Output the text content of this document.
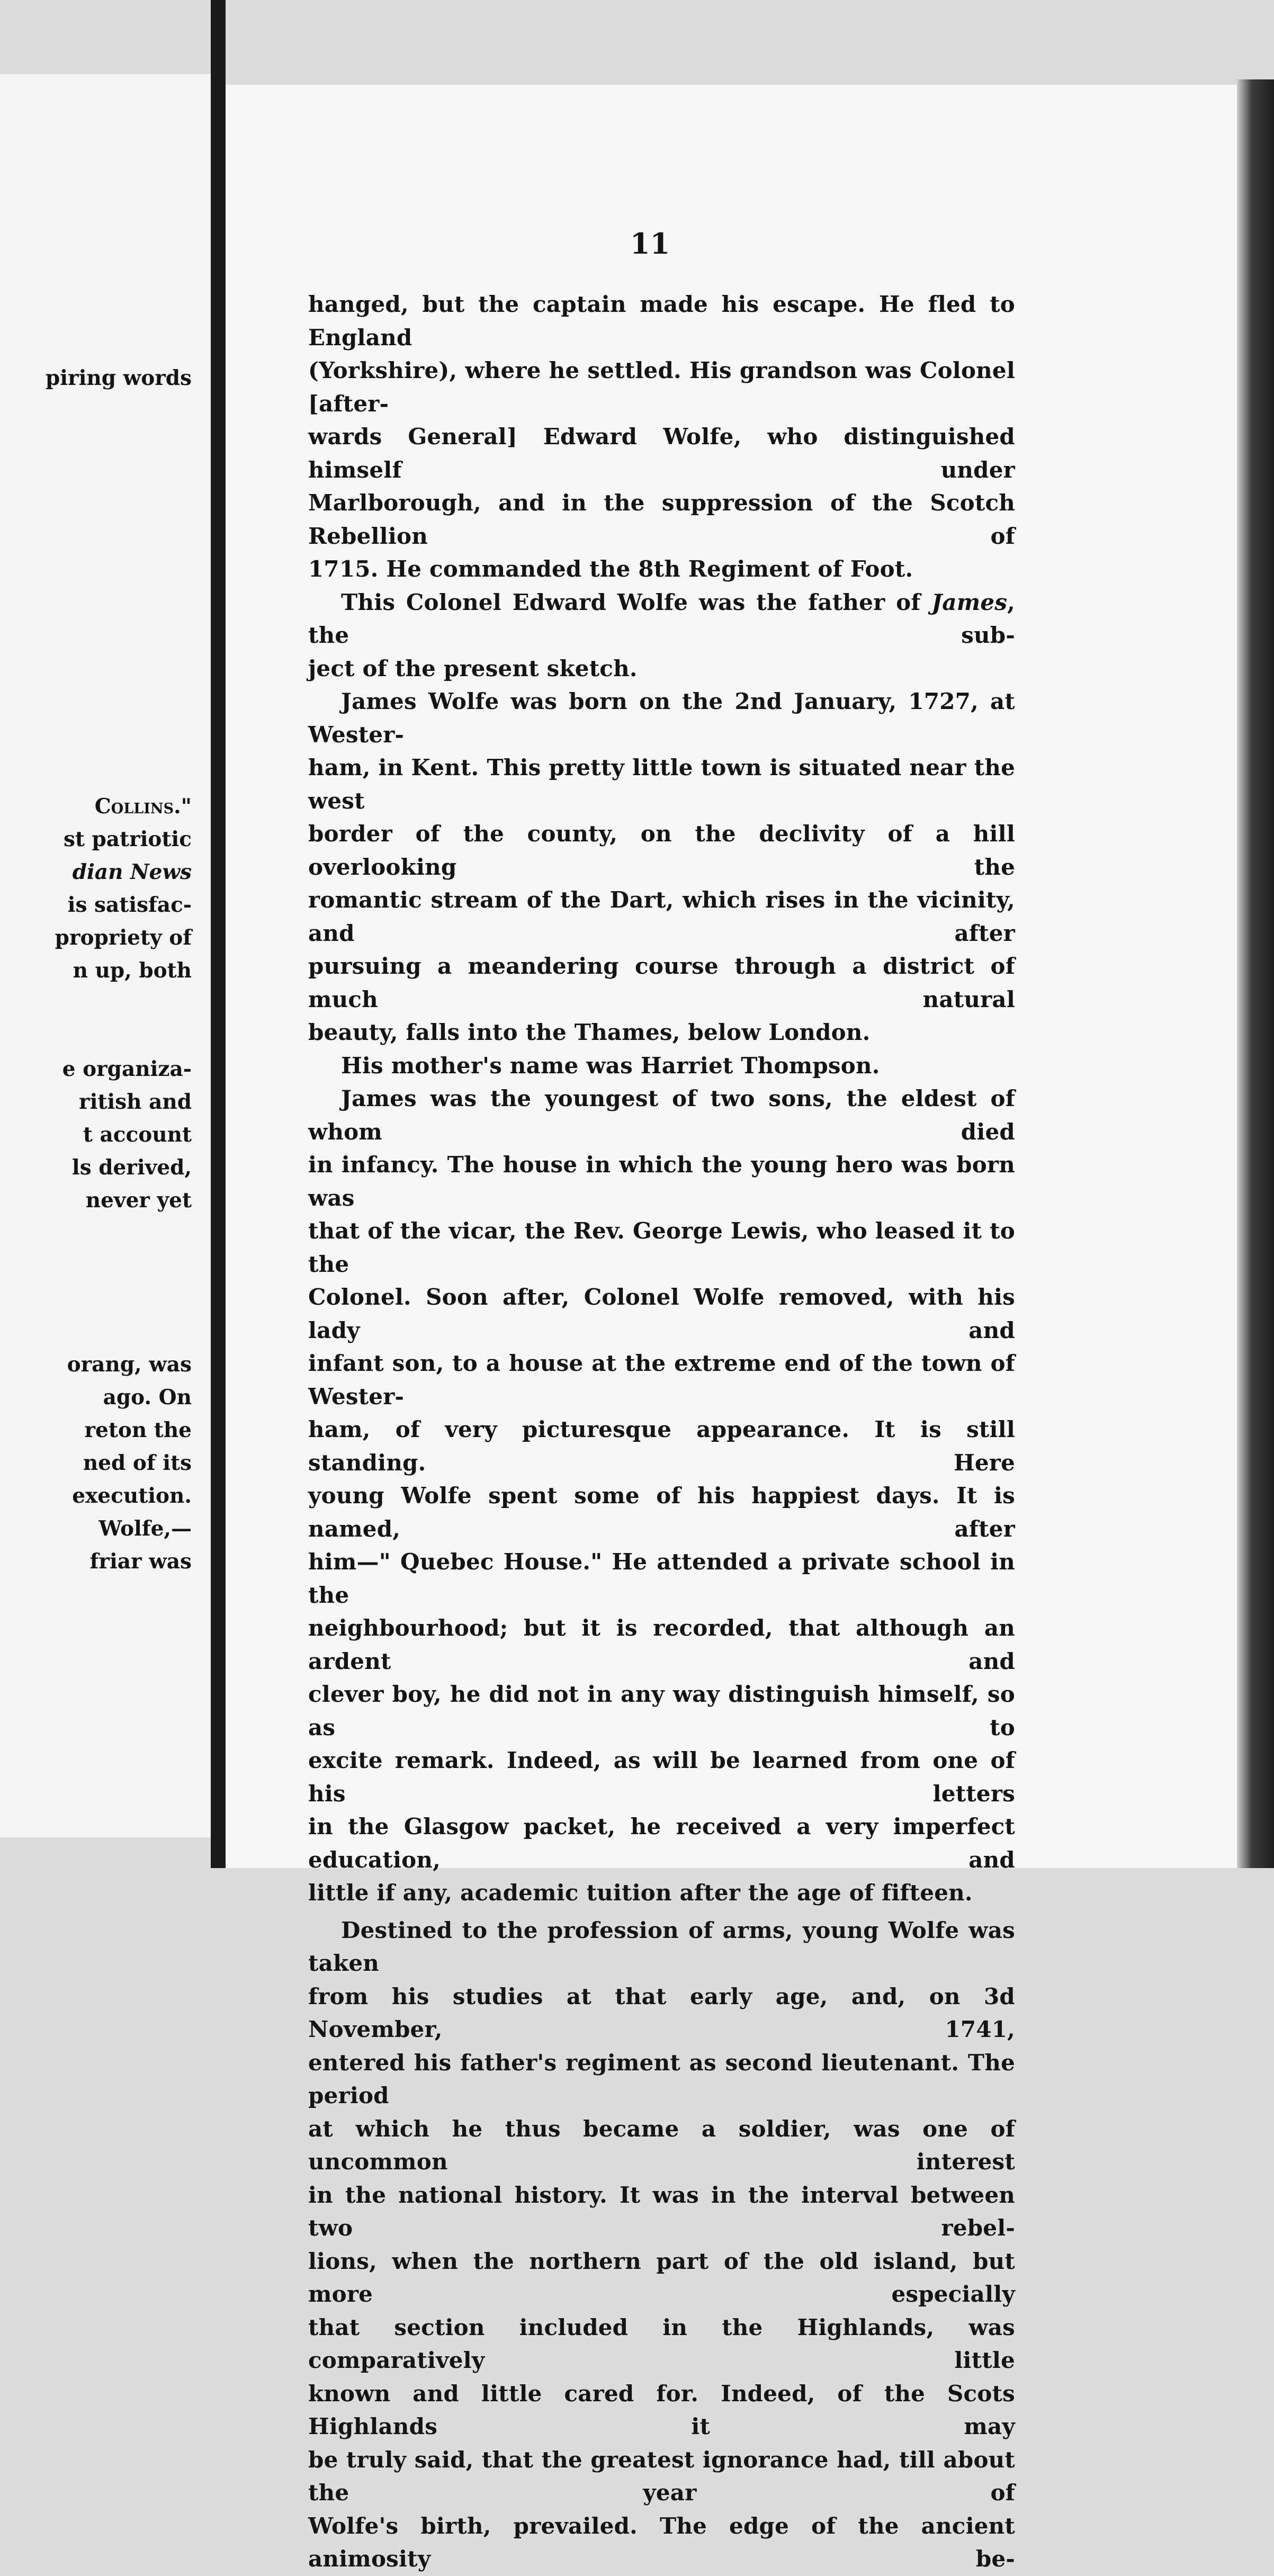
piring words
Collins."
st patriotic
dian News
is satisfac-
propriety of
n up, both
e organiza-
ritish and
t account
ls derived,
never yet
orang, was
ago. On
reton the
ned of its
execution.
Wolfe,—
friar was
11

hanged, but the captain made his escape. He fled to England

(Yorkshire), where he settled. His grandson was Colonel [after-

wards General] Edward Wolfe, who distinguished himself under

Marlborough, and in the suppression of the Scotch Rebellion of

1715. He commanded the 8th Regiment of Foot.

This Colonel Edward Wolfe was the father of James, the sub-

ject of the present sketch.

James Wolfe was born on the 2nd January, 1727, at Wester-

ham, in Kent. This pretty little town is situated near the west

border of the county, on the declivity of a hill overlooking the

romantic stream of the Dart, which rises in the vicinity, and after

pursuing a meandering course through a district of much natural

beauty, falls into the Thames, below London.

His mother's name was Harriet Thompson.

James was the youngest of two sons, the eldest of whom died

in infancy. The house in which the young hero was born was

that of the vicar, the Rev. George Lewis, who leased it to the

Colonel. Soon after, Colonel Wolfe removed, with his lady and

infant son, to a house at the extreme end of the town of Wester-

ham, of very picturesque appearance. It is still standing. Here

young Wolfe spent some of his happiest days. It is named, after

him—" Quebec House." He attended a private school in the

neighbourhood; but it is recorded, that although an ardent and

clever boy, he did not in any way distinguish himself, so as to

excite remark. Indeed, as will be learned from one of his letters

in the Glasgow packet, he received a very imperfect education, and

little if any, academic tuition after the age of fifteen.

Destined to the profession of arms, young Wolfe was taken

from his studies at that early age, and, on 3d November, 1741,

entered his father's regiment as second lieutenant. The period

at which he thus became a soldier, was one of uncommon interest

in the national history. It was in the interval between two rebel-

lions, when the northern part of the old island, but more especially

that section included in the Highlands, was comparatively little

known and little cared for. Indeed, of the Scots Highlands it may

be truly said, that the greatest ignorance had, till about the year of

Wolfe's birth, prevailed. The edge of the ancient animosity be-
